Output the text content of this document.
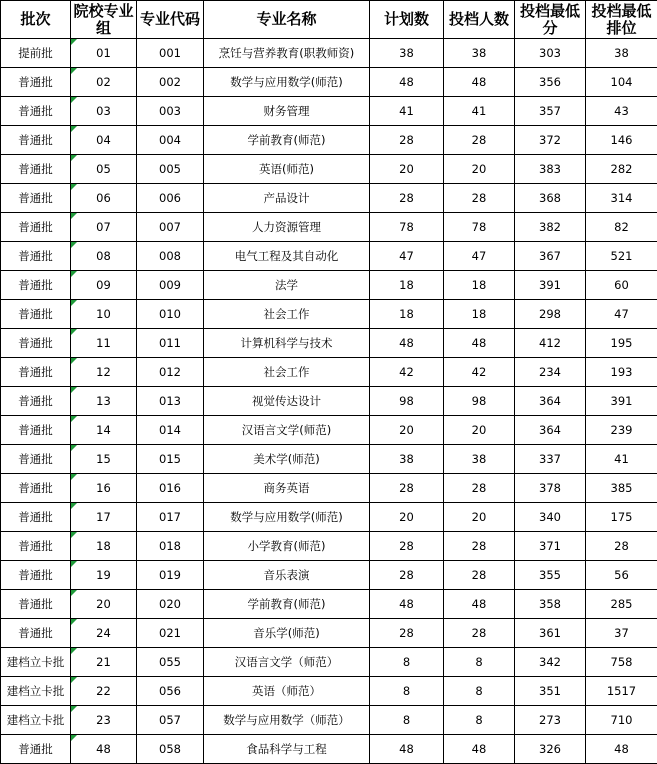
批次	院校专业组	专业代码	专业名称	计划数	投档人数	投档最低分	投档最低排位
提前批	01	001	烹饪与营养教育(职教师资)	38	38	303	38
普通批	02	002	数学与应用数学(师范)	48	48	356	104
普通批	03	003	财务管理	41	41	357	43
普通批	04	004	学前教育(师范)	28	28	372	146
普通批	05	005	英语(师范)	20	20	383	282
普通批	06	006	产品设计	28	28	368	314
普通批	07	007	人力资源管理	78	78	382	82
普通批	08	008	电气工程及其自动化	47	47	367	521
普通批	09	009	法学	18	18	391	60
普通批	10	010	社会工作	18	18	298	47
普通批	11	011	计算机科学与技术	48	48	412	195
普通批	12	012	社会工作	42	42	234	193
普通批	13	013	视觉传达设计	98	98	364	391
普通批	14	014	汉语言文学(师范)	20	20	364	239
普通批	15	015	美术学(师范)	38	38	337	41
普通批	16	016	商务英语	28	28	378	385
普通批	17	017	数学与应用数学(师范)	20	20	340	175
普通批	18	018	小学教育(师范)	28	28	371	28
普通批	19	019	音乐表演	28	28	355	56
普通批	20	020	学前教育(师范)	48	48	358	285
普通批	24	021	音乐学(师范)	28	28	361	37
建档立卡批	21	055	汉语言文学（师范）	8	8	342	758
建档立卡批	22	056	英语（师范）	8	8	351	1517
建档立卡批	23	057	数学与应用数学（师范）	8	8	273	710
普通批	48	058	食品科学与工程	48	48	326	48
